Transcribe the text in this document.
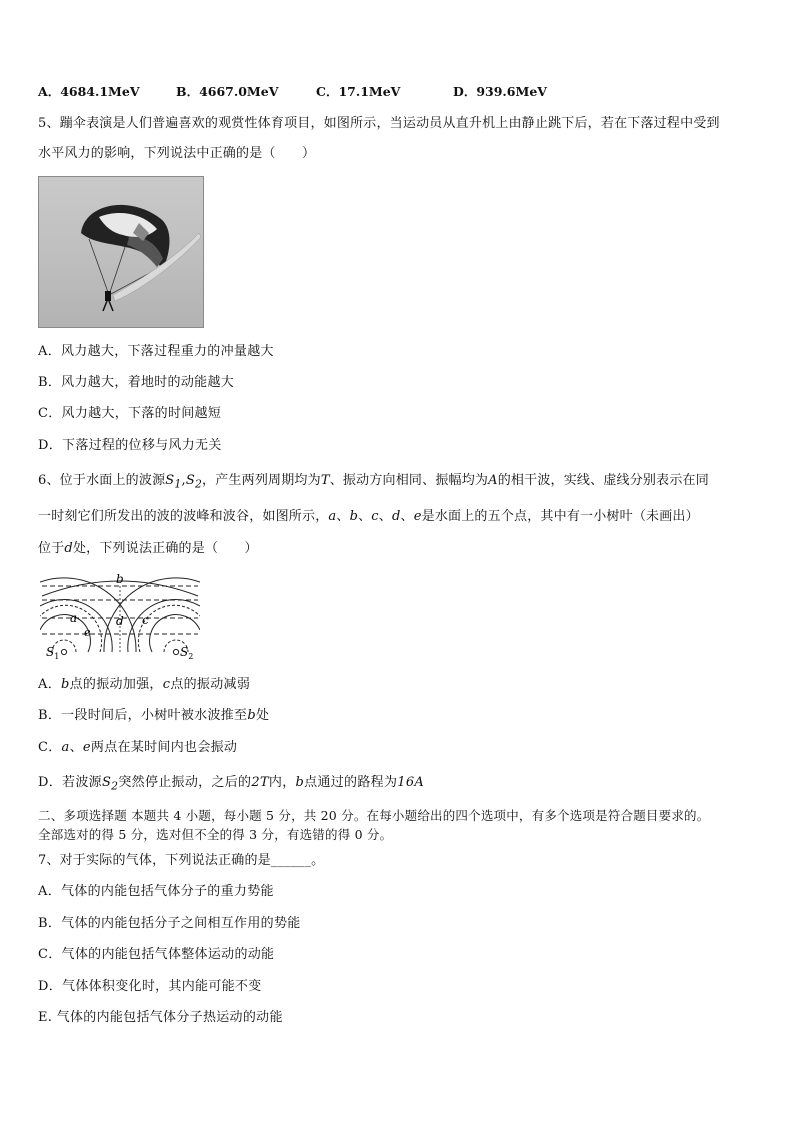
A．4684.1MeV	B．4667.0MeV	C．17.1MeV	D．939.6MeV
5、蹦伞表演是人们普遍喜欢的观赏性体育项目，如图所示，当运动员从直升机上由静止跳下后，若在下落过程中受到
水平风力的影响，下列说法中正确的是（　　）
A．风力越大，下落过程重力的冲量越大
B．风力越大，着地时的动能越大
C．风力越大，下落的时间越短
D．下落过程的位移与风力无关
6、位于水面上的波源$S_1,S_2$，产生两列周期均为T、振动方向相同、振幅均为A的相干波，实线、虚线分别表示在同
一时刻它们所发出的波的波峰和波谷，如图所示，a、b、c、d、e是水面上的五个点，其中有一小树叶（未画出）
位于d处，下列说法正确的是（　　）
b
a	d c
e
$S_1$	$S_2$
A．b点的振动加强，c点的振动减弱
B．一段时间后，小树叶被水波推至b处
C．a、e两点在某时间内也会振动
D．若波源$S_2$突然停止振动，之后的2T内，b点通过的路程为16A
二、多项选择题 本题共 4 小题，每小题 5 分，共 20 分。在每小题给出的四个选项中，有多个选项是符合题目要求的。
全部选对的得 5 分，选对但不全的得 3 分，有选错的得 0 分。
7、对于实际的气体，下列说法正确的是______。
A．气体的内能包括气体分子的重力势能
B．气体的内能包括分子之间相互作用的势能
C．气体的内能包括气体整体运动的动能
D．气体体积变化时，其内能可能不变
E. 气体的内能包括气体分子热运动的动能
